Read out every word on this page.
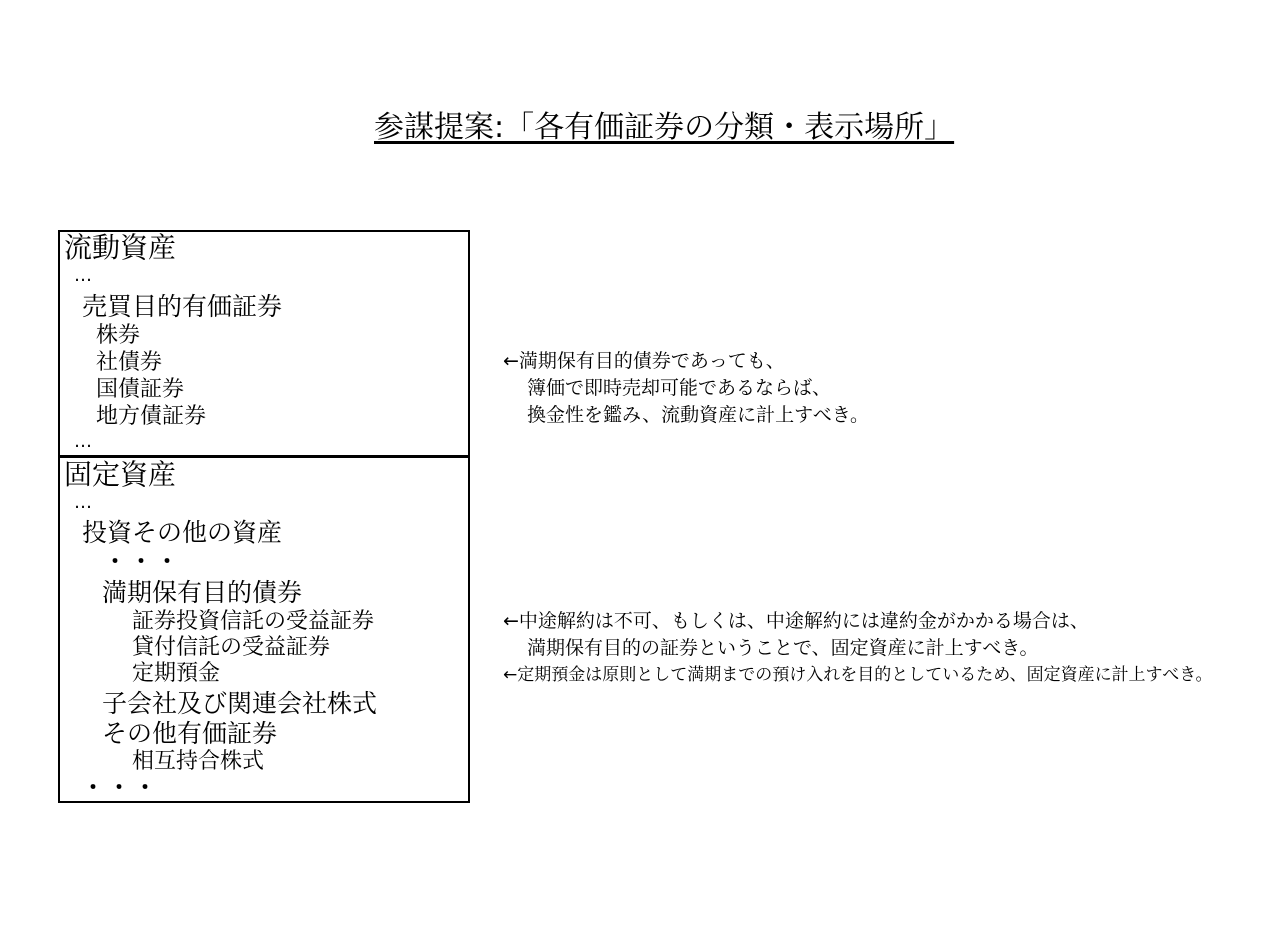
参謀提案:「各有価証券の分類・表示場所」
流動資産
…
売買目的有価証券
株券
社債券
国債証券
地方債証券
…
固定資産
…
投資その他の資産
・・・
満期保有目的債券
証券投資信託の受益証券
貸付信託の受益証券
定期預金
子会社及び関連会社株式
その他有価証券
相互持合株式
・・・
←満期保有目的債券であっても、
簿価で即時売却可能であるならば、
換金性を鑑み、流動資産に計上すべき。
←中途解約は不可、もしくは、中途解約には違約金がかかる場合は、
満期保有目的の証券ということで、固定資産に計上すべき。
←定期預金は原則として満期までの預け入れを目的としているため、固定資産に計上すべき。
